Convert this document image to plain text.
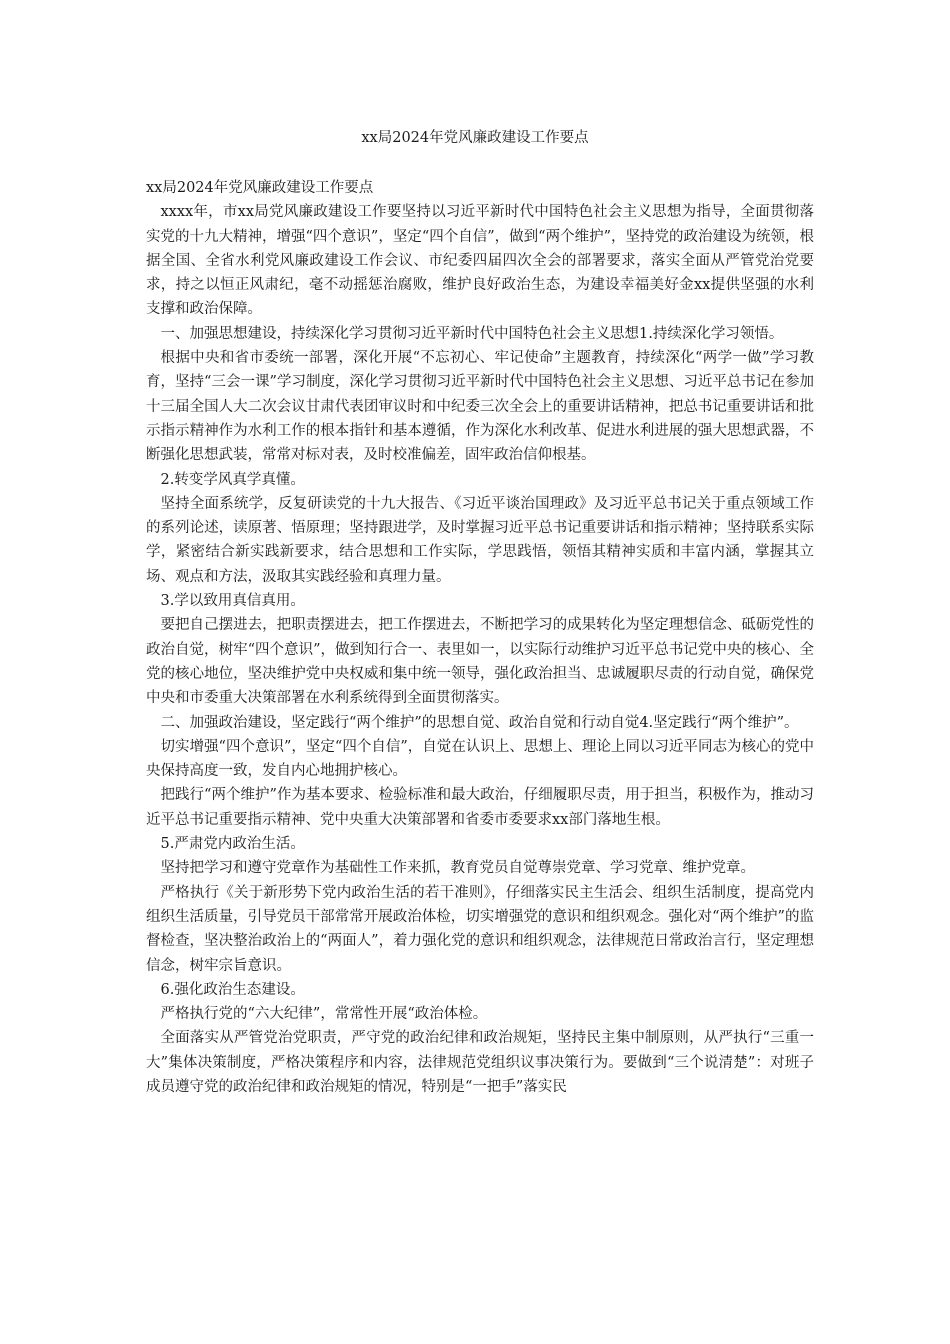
xx局2024年党风廉政建设工作要点

xx局2024年党风廉政建设工作要点

xxxx年，市xx局党风廉政建设工作要坚持以习近平新时代中国特色社会主义思想为指导，全面贯彻落实党的十九大精神，增强“四个意识”，坚定“四个自信”，做到“两个维护”，坚持党的政治建设为统领，根据全国、全省水利党风廉政建设工作会议、市纪委四届四次全会的部署要求，落实全面从严管党治党要求，持之以恒正风肃纪，毫不动摇惩治腐败，维护良好政治生态，为建设幸福美好金xx提供坚强的水利支撑和政治保障。

一、加强思想建设，持续深化学习贯彻习近平新时代中国特色社会主义思想1.持续深化学习领悟。

根据中央和省市委统一部署，深化开展“不忘初心、牢记使命”主题教育，持续深化“两学一做”学习教育，坚持“三会一课”学习制度，深化学习贯彻习近平新时代中国特色社会主义思想、习近平总书记在参加十三届全国人大二次会议甘肃代表团审议时和中纪委三次全会上的重要讲话精神，把总书记重要讲话和批示指示精神作为水利工作的根本指针和基本遵循，作为深化水利改革、促进水利进展的强大思想武器，不断强化思想武装，常常对标对表，及时校准偏差，固牢政治信仰根基。

2.转变学风真学真懂。

坚持全面系统学，反复研读党的十九大报告、《习近平谈治国理政》及习近平总书记关于重点领域工作的系列论述，读原著、悟原理；坚持跟进学，及时掌握习近平总书记重要讲话和指示精神；坚持联系实际学，紧密结合新实践新要求，结合思想和工作实际，学思践悟，领悟其精神实质和丰富内涵，掌握其立场、观点和方法，汲取其实践经验和真理力量。

3.学以致用真信真用。

要把自己摆进去，把职责摆进去，把工作摆进去，不断把学习的成果转化为坚定理想信念、砥砺党性的政治自觉，树牢“四个意识”，做到知行合一、表里如一，以实际行动维护习近平总书记党中央的核心、全党的核心地位，坚决维护党中央权威和集中统一领导，强化政治担当、忠诚履职尽责的行动自觉，确保党中央和市委重大决策部署在水利系统得到全面贯彻落实。

二、加强政治建设，坚定践行“两个维护”的思想自觉、政治自觉和行动自觉4.坚定践行“两个维护”。

切实增强“四个意识”，坚定“四个自信”，自觉在认识上、思想上、理论上同以习近平同志为核心的党中央保持高度一致，发自内心地拥护核心。

把践行“两个维护”作为基本要求、检验标准和最大政治，仔细履职尽责，用于担当，积极作为，推动习近平总书记重要指示精神、党中央重大决策部署和省委市委要求xx部门落地生根。

5.严肃党内政治生活。

坚持把学习和遵守党章作为基础性工作来抓，教育党员自觉尊崇党章、学习党章、维护党章。

严格执行《关于新形势下党内政治生活的若干准则》，仔细落实民主生活会、组织生活制度，提高党内组织生活质量，引导党员干部常常开展政治体检，切实增强党的意识和组织观念。强化对“两个维护”的监督检查，坚决整治政治上的“两面人”，着力强化党的意识和组织观念，法律规范日常政治言行，坚定理想信念，树牢宗旨意识。

6.强化政治生态建设。

严格执行党的“六大纪律”，常常性开展“政治体检。

全面落实从严管党治党职责，严守党的政治纪律和政治规矩，坚持民主集中制原则，从严执行“三重一大”集体决策制度，严格决策程序和内容，法律规范党组织议事决策行为。要做到“三个说清楚”：对班子成员遵守党的政治纪律和政治规矩的情况，特别是“一把手”落实民
